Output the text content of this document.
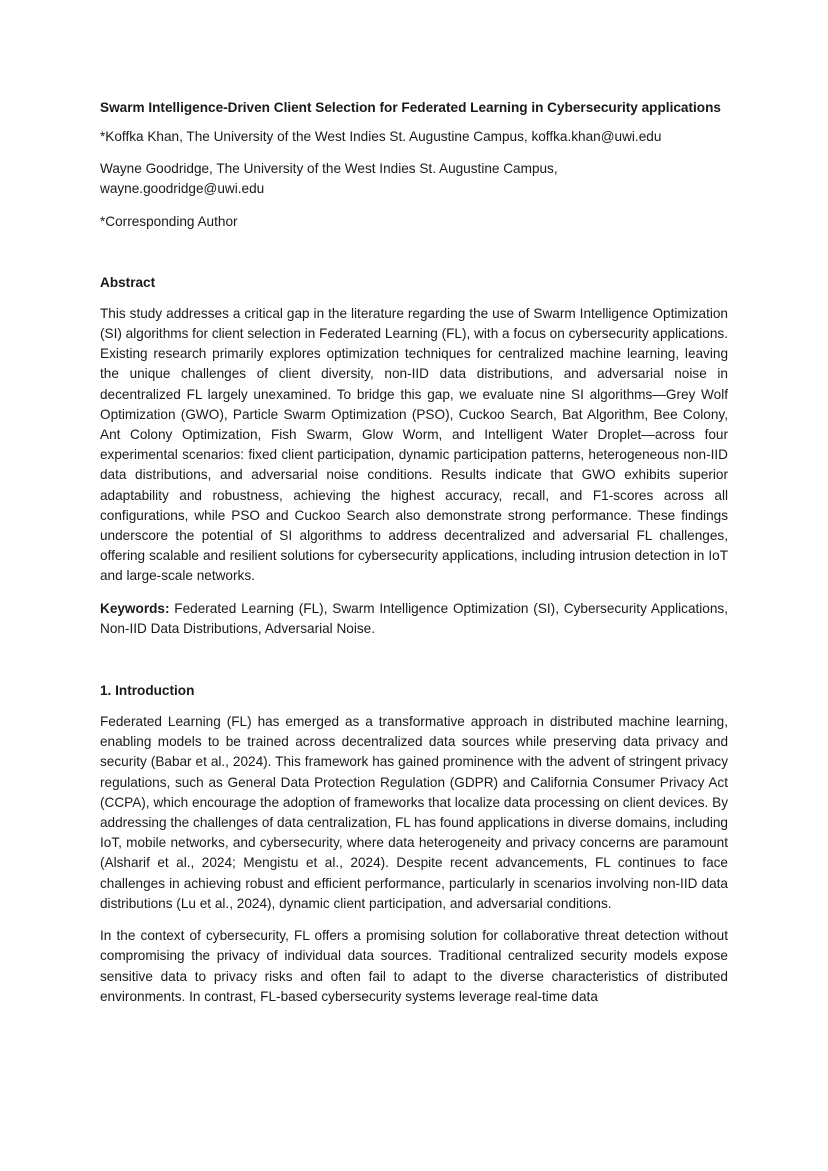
Swarm Intelligence-Driven Client Selection for Federated Learning in Cybersecurity applications

*Koffka Khan, The University of the West Indies St. Augustine Campus, koffka.khan@uwi.edu

Wayne Goodridge, The University of the West Indies St. Augustine Campus,

wayne.goodridge@uwi.edu

*Corresponding Author

Abstract

This study addresses a critical gap in the literature regarding the use of Swarm Intelligence Optimization (SI) algorithms for client selection in Federated Learning (FL), with a focus on cybersecurity applications. Existing research primarily explores optimization techniques for centralized machine learning, leaving the unique challenges of client diversity, non-IID data distributions, and adversarial noise in decentralized FL largely unexamined. To bridge this gap, we evaluate nine SI algorithms—Grey Wolf Optimization (GWO), Particle Swarm Optimization (PSO), Cuckoo Search, Bat Algorithm, Bee Colony, Ant Colony Optimization, Fish Swarm, Glow Worm, and Intelligent Water Droplet—across four experimental scenarios: fixed client participation, dynamic participation patterns, heterogeneous non-IID data distributions, and adversarial noise conditions. Results indicate that GWO exhibits superior adaptability and robustness, achieving the highest accuracy, recall, and F1-scores across all configurations, while PSO and Cuckoo Search also demonstrate strong performance. These findings underscore the potential of SI algorithms to address decentralized and adversarial FL challenges, offering scalable and resilient solutions for cybersecurity applications, including intrusion detection in IoT and large-scale networks.

Keywords: Federated Learning (FL), Swarm Intelligence Optimization (SI), Cybersecurity Applications, Non-IID Data Distributions, Adversarial Noise.

1. Introduction

Federated Learning (FL) has emerged as a transformative approach in distributed machine learning, enabling models to be trained across decentralized data sources while preserving data privacy and security (Babar et al., 2024). This framework has gained prominence with the advent of stringent privacy regulations, such as General Data Protection Regulation (GDPR) and California Consumer Privacy Act (CCPA), which encourage the adoption of frameworks that localize data processing on client devices. By addressing the challenges of data centralization, FL has found applications in diverse domains, including IoT, mobile networks, and cybersecurity, where data heterogeneity and privacy concerns are paramount (Alsharif et al., 2024; Mengistu et al., 2024). Despite recent advancements, FL continues to face challenges in achieving robust and efficient performance, particularly in scenarios involving non-IID data distributions (Lu et al., 2024), dynamic client participation, and adversarial conditions.

In the context of cybersecurity, FL offers a promising solution for collaborative threat detection without compromising the privacy of individual data sources. Traditional centralized security models expose sensitive data to privacy risks and often fail to adapt to the diverse characteristics of distributed environments. In contrast, FL-based cybersecurity systems leverage real-time data
